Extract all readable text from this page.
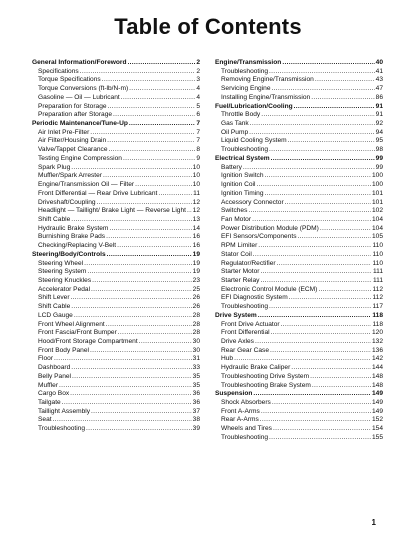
Table of Contents
General Information/Foreword .....	2
Specifications .....	2
Torque Specifications .....	3
Torque Conversions (ft-lb/N-m) .....	4
Gasoline — Oil — Lubricant .....	4
Preparation for Storage .....	5
Preparation after Storage .....	6
Periodic Maintenance/Tune-Up .....	7
Air Inlet Pre-Filter .....	7
Air Filter/Housing Drain .....	7
Valve/Tappet Clearance .....	8
Testing Engine Compression .....	9
Spark Plug .....	10
Muffler/Spark Arrester .....	10
Engine/Transmission Oil — Filter .....	10
Front Differential — Rear Drive Lubricant .....	11
Driveshaft/Coupling .....	12
Headlight — Taillight/ Brake Light — Reverse Light ..... 12
Shift Cable .....	13
Hydraulic Brake System .....	14
Burnishing Brake Pads .....	16
Checking/Replacing V-Belt .....	16
Steering/Body/Controls .....	19
Steering Wheel .....	19
Steering System .....	19
Steering Knuckles .....	23
Accelerator Pedal .....	25
Shift Lever .....	26
Shift Cable .....	26
LCD Gauge .....	28
Front Wheel Alignment .....	28
Front Fascia/Front Bumper .....	28
Hood/Front Storage Compartment .....	30
Front Body Panel .....	30
Floor .....	31
Dashboard .....	33
Belly Panel .....	35
Muffler .....	35
Cargo Box .....	36
Tailgate .....	36
Taillight Assembly .....	37
Seat .....	38
Troubleshooting .....	39
Engine/Transmission .....	40
Troubleshooting .....	41
Removing Engine/Transmission .....	43
Servicing Engine .....	47
Installing Engine/Transmission .....	86
Fuel/Lubrication/Cooling .....	91
Throttle Body .....	91
Gas Tank .....	92
Oil Pump .....	94
Liquid Cooling System .....	95
Troubleshooting .....	98
Electrical System .....	99
Battery .....	99
Ignition Switch .....	100
Ignition Coil .....	100
Ignition Timing .....	101
Accessory Connector .....	101
Switches .....	102
Fan Motor .....	104
Power Distribution Module (PDM) .....	104
EFI Sensors/Components .....	105
RPM Limiter .....	110
Stator Coil .....	110
Regulator/Rectifier .....	110
Starter Motor .....	111
Starter Relay .....	111
Electronic Control Module (ECM) .....	112
EFI Diagnostic System .....	112
Troubleshooting .....	117
Drive System .....	118
Front Drive Actuator .....	118
Front Differential .....	120
Drive Axles .....	132
Rear Gear Case .....	136
Hub .....	142
Hydraulic Brake Caliper .....	144
Troubleshooting Drive System .....	148
Troubleshooting Brake System .....	148
Suspension .....	149
Shock Absorbers .....	149
Front A-Arms .....	149
Rear A-Arms .....	152
Wheels and Tires .....	154
Troubleshooting .....	155
1
